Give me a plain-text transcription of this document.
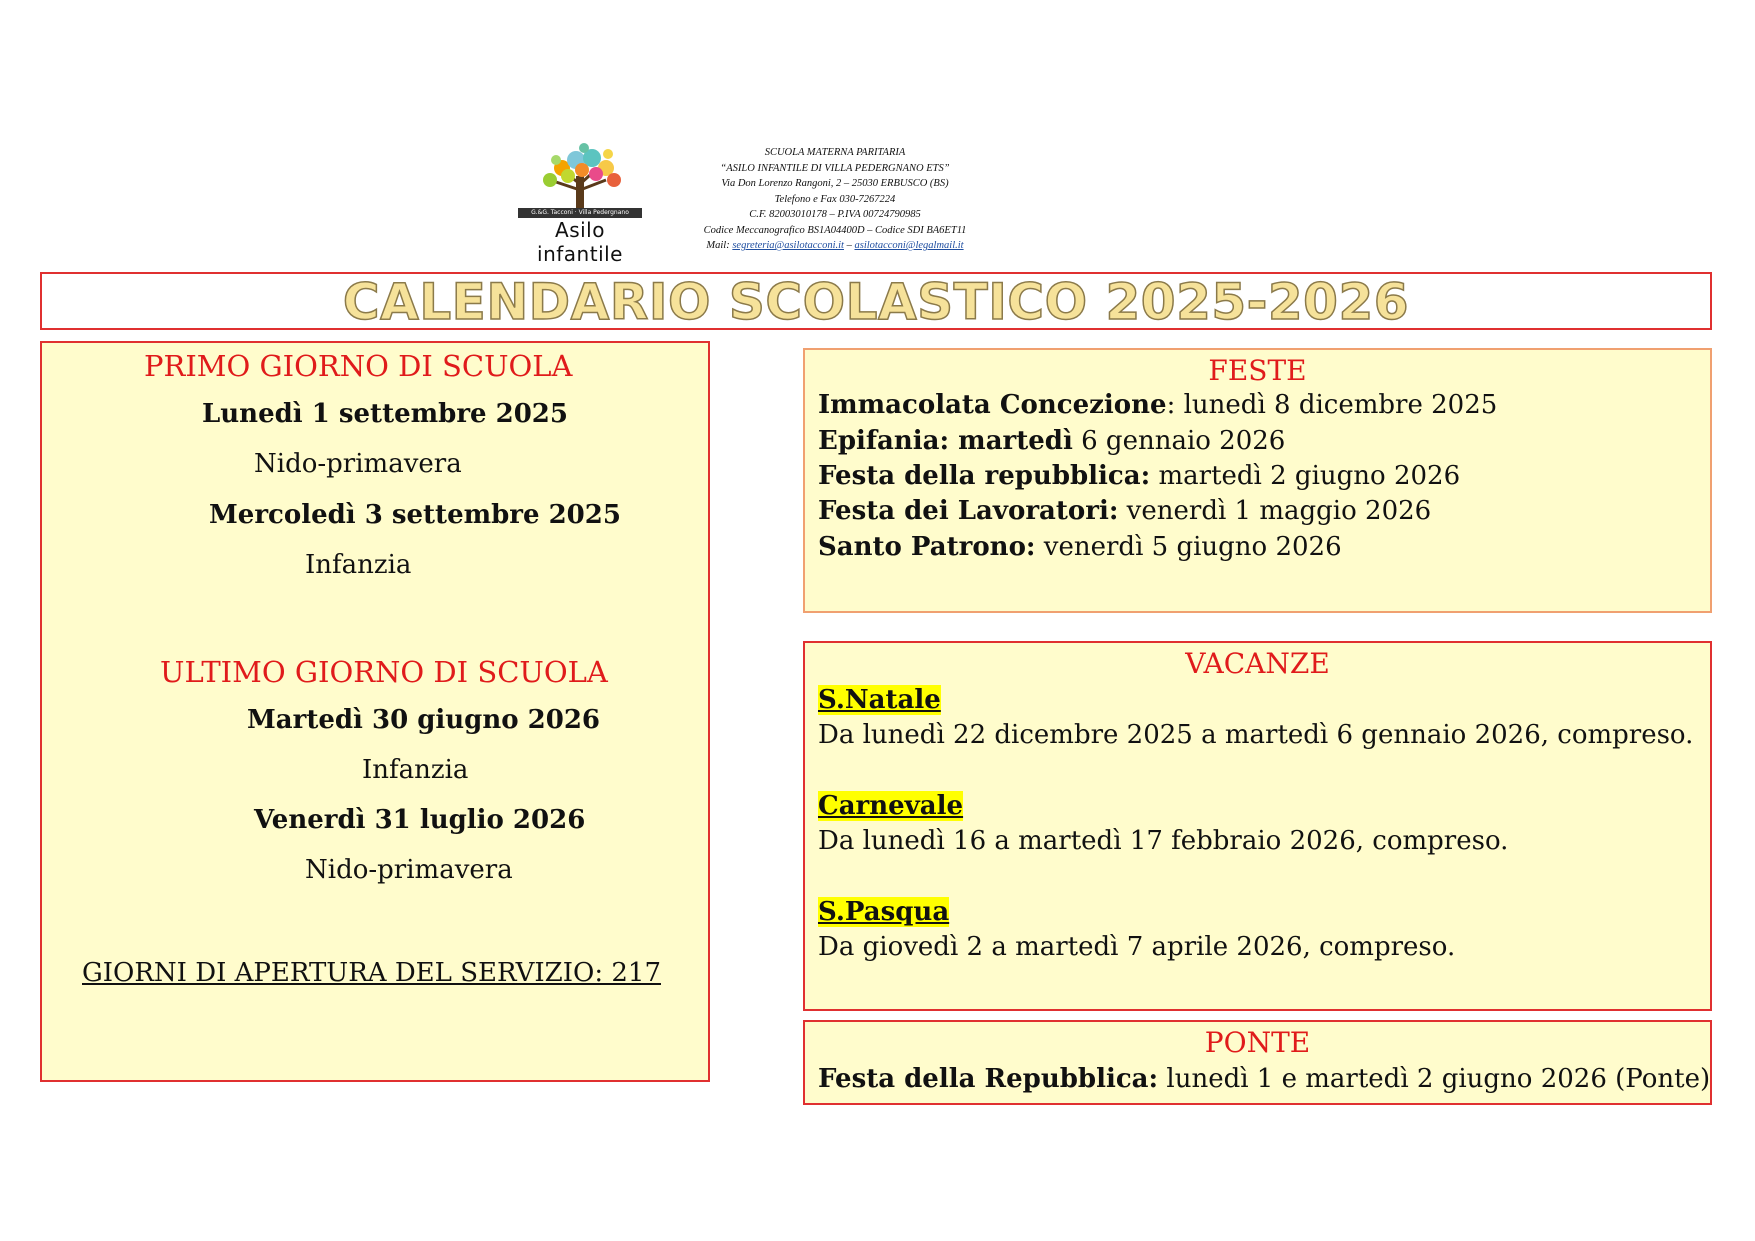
G.&G. Tacconi · Villa Pedergnano
Asilo infantile
SCUOLA MATERNA PARITARIA
“ASILO INFANTILE DI VILLA PEDERGNANO ETS”
Via Don Lorenzo Rangoni, 2 – 25030 ERBUSCO (BS)
Telefono e Fax 030-7267224
C.F. 82003010178 – P.IVA 00724790985
Codice Meccanografico BS1A04400D – Codice SDI BA6ET11
Mail: segreteria@asilotacconi.it – asilotacconi@legalmail.it
CALENDARIO SCOLASTICO 2025-2026
PRIMO GIORNO DI SCUOLA
Lunedì 1 settembre 2025
Nido-primavera
Mercoledì 3 settembre 2025
Infanzia
ULTIMO GIORNO DI SCUOLA
Martedì 30 giugno 2026
Infanzia
Venerdì 31 luglio 2026
Nido-primavera
GIORNI DI APERTURA DEL SERVIZIO: 217
FESTE
Immacolata Concezione: lunedì 8 dicembre 2025
Epifania: martedì 6 gennaio 2026
Festa della repubblica: martedì 2 giugno 2026
Festa dei Lavoratori: venerdì 1 maggio 2026
Santo Patrono: venerdì 5 giugno 2026
VACANZE
S.Natale
Da lunedì 22 dicembre 2025 a martedì 6 gennaio 2026, compreso.
Carnevale
Da lunedì 16 a martedì 17 febbraio 2026, compreso.
S.Pasqua
Da giovedì 2 a martedì 7 aprile 2026, compreso.
PONTE
Festa della Repubblica: lunedì 1 e martedì 2 giugno 2026 (Ponte)
